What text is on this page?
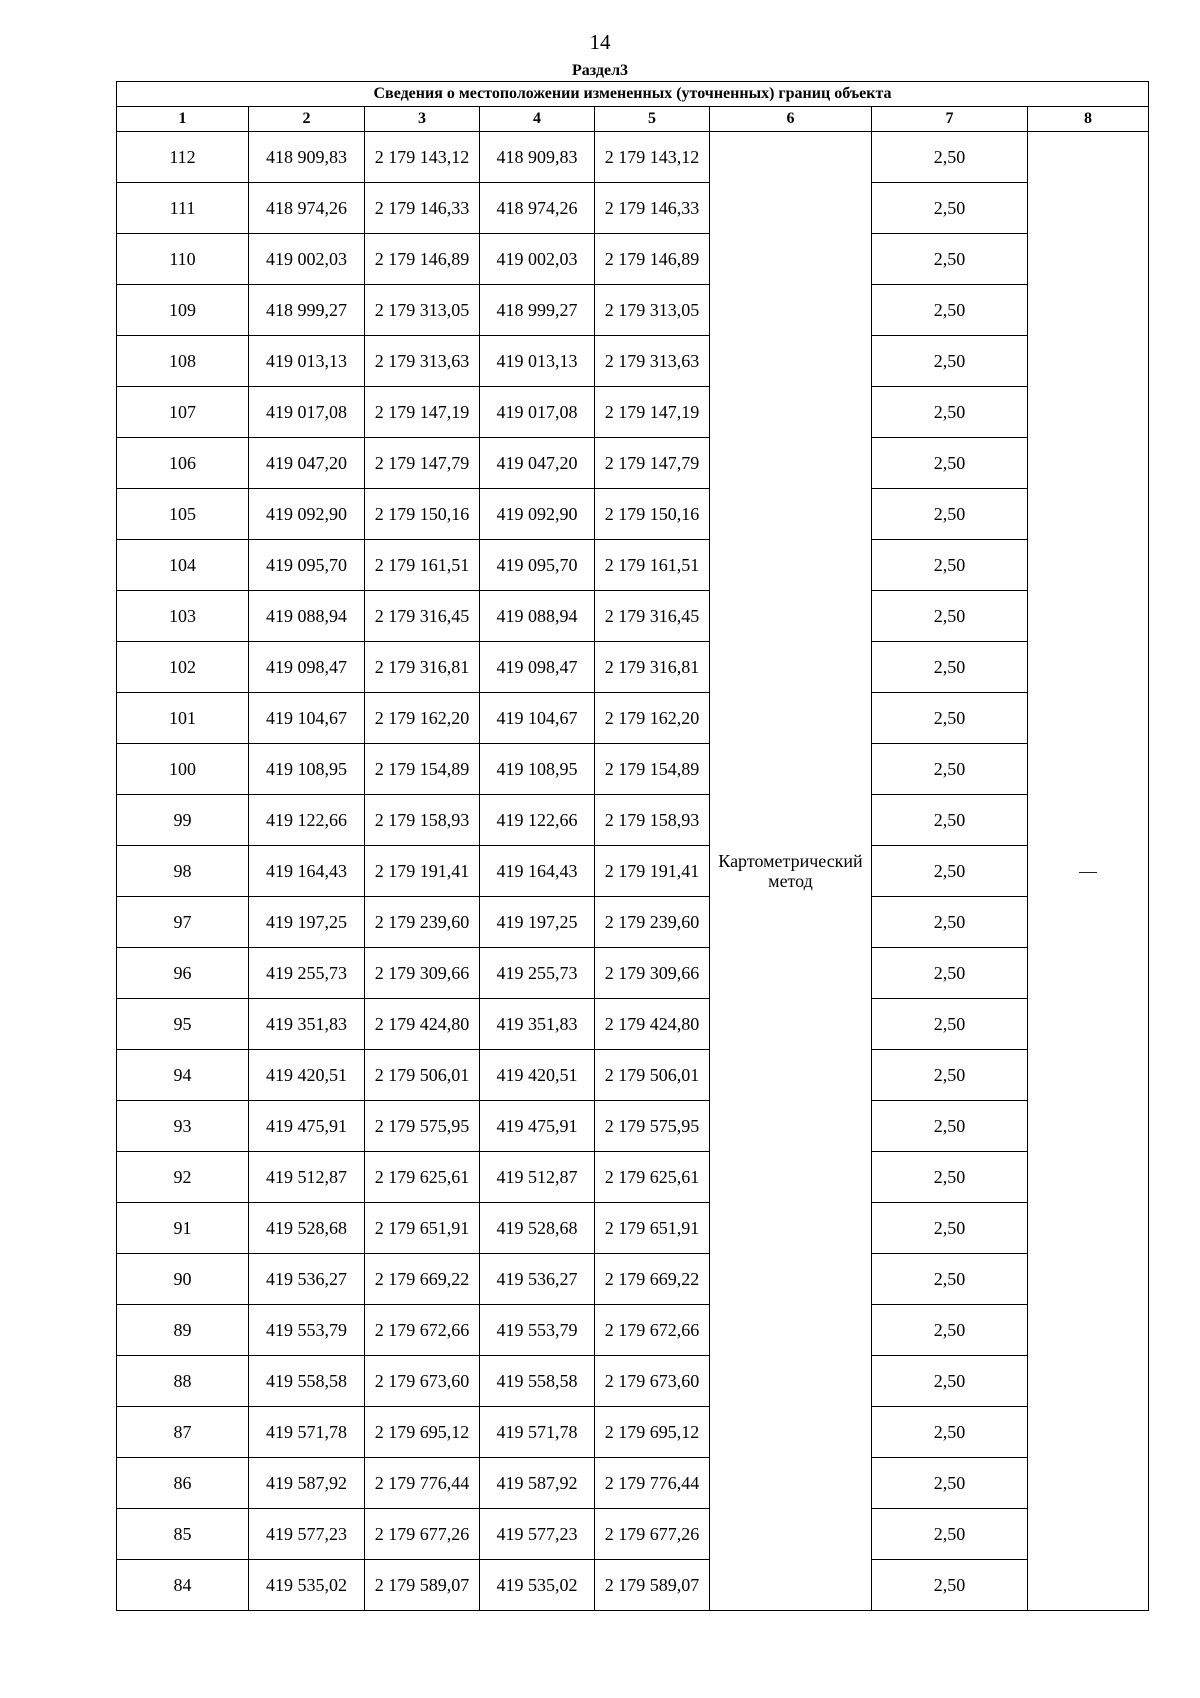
14
Раздел3
Сведения о местоположении измененных (уточненных) границ объекта							
1	2	3	4	5	6	7	8
112	418 909,83	2 179 143,12	418 909,83	2 179 143,12	Картометрический метод	2,50	—
111	418 974,26	2 179 146,33	418 974,26	2 179 146,33		2,50	
110	419 002,03	2 179 146,89	419 002,03	2 179 146,89		2,50	
109	418 999,27	2 179 313,05	418 999,27	2 179 313,05		2,50	
108	419 013,13	2 179 313,63	419 013,13	2 179 313,63		2,50	
107	419 017,08	2 179 147,19	419 017,08	2 179 147,19		2,50	
106	419 047,20	2 179 147,79	419 047,20	2 179 147,79		2,50	
105	419 092,90	2 179 150,16	419 092,90	2 179 150,16		2,50	
104	419 095,70	2 179 161,51	419 095,70	2 179 161,51		2,50	
103	419 088,94	2 179 316,45	419 088,94	2 179 316,45		2,50	
102	419 098,47	2 179 316,81	419 098,47	2 179 316,81		2,50	
101	419 104,67	2 179 162,20	419 104,67	2 179 162,20		2,50	
100	419 108,95	2 179 154,89	419 108,95	2 179 154,89		2,50	
99	419 122,66	2 179 158,93	419 122,66	2 179 158,93		2,50	
98	419 164,43	2 179 191,41	419 164,43	2 179 191,41		2,50	
97	419 197,25	2 179 239,60	419 197,25	2 179 239,60		2,50	
96	419 255,73	2 179 309,66	419 255,73	2 179 309,66		2,50	
95	419 351,83	2 179 424,80	419 351,83	2 179 424,80		2,50	
94	419 420,51	2 179 506,01	419 420,51	2 179 506,01		2,50	
93	419 475,91	2 179 575,95	419 475,91	2 179 575,95		2,50	
92	419 512,87	2 179 625,61	419 512,87	2 179 625,61		2,50	
91	419 528,68	2 179 651,91	419 528,68	2 179 651,91		2,50	
90	419 536,27	2 179 669,22	419 536,27	2 179 669,22		2,50	
89	419 553,79	2 179 672,66	419 553,79	2 179 672,66		2,50	
88	419 558,58	2 179 673,60	419 558,58	2 179 673,60		2,50	
87	419 571,78	2 179 695,12	419 571,78	2 179 695,12		2,50	
86	419 587,92	2 179 776,44	419 587,92	2 179 776,44		2,50	
85	419 577,23	2 179 677,26	419 577,23	2 179 677,26		2,50	
84	419 535,02	2 179 589,07	419 535,02	2 179 589,07		2,50	
